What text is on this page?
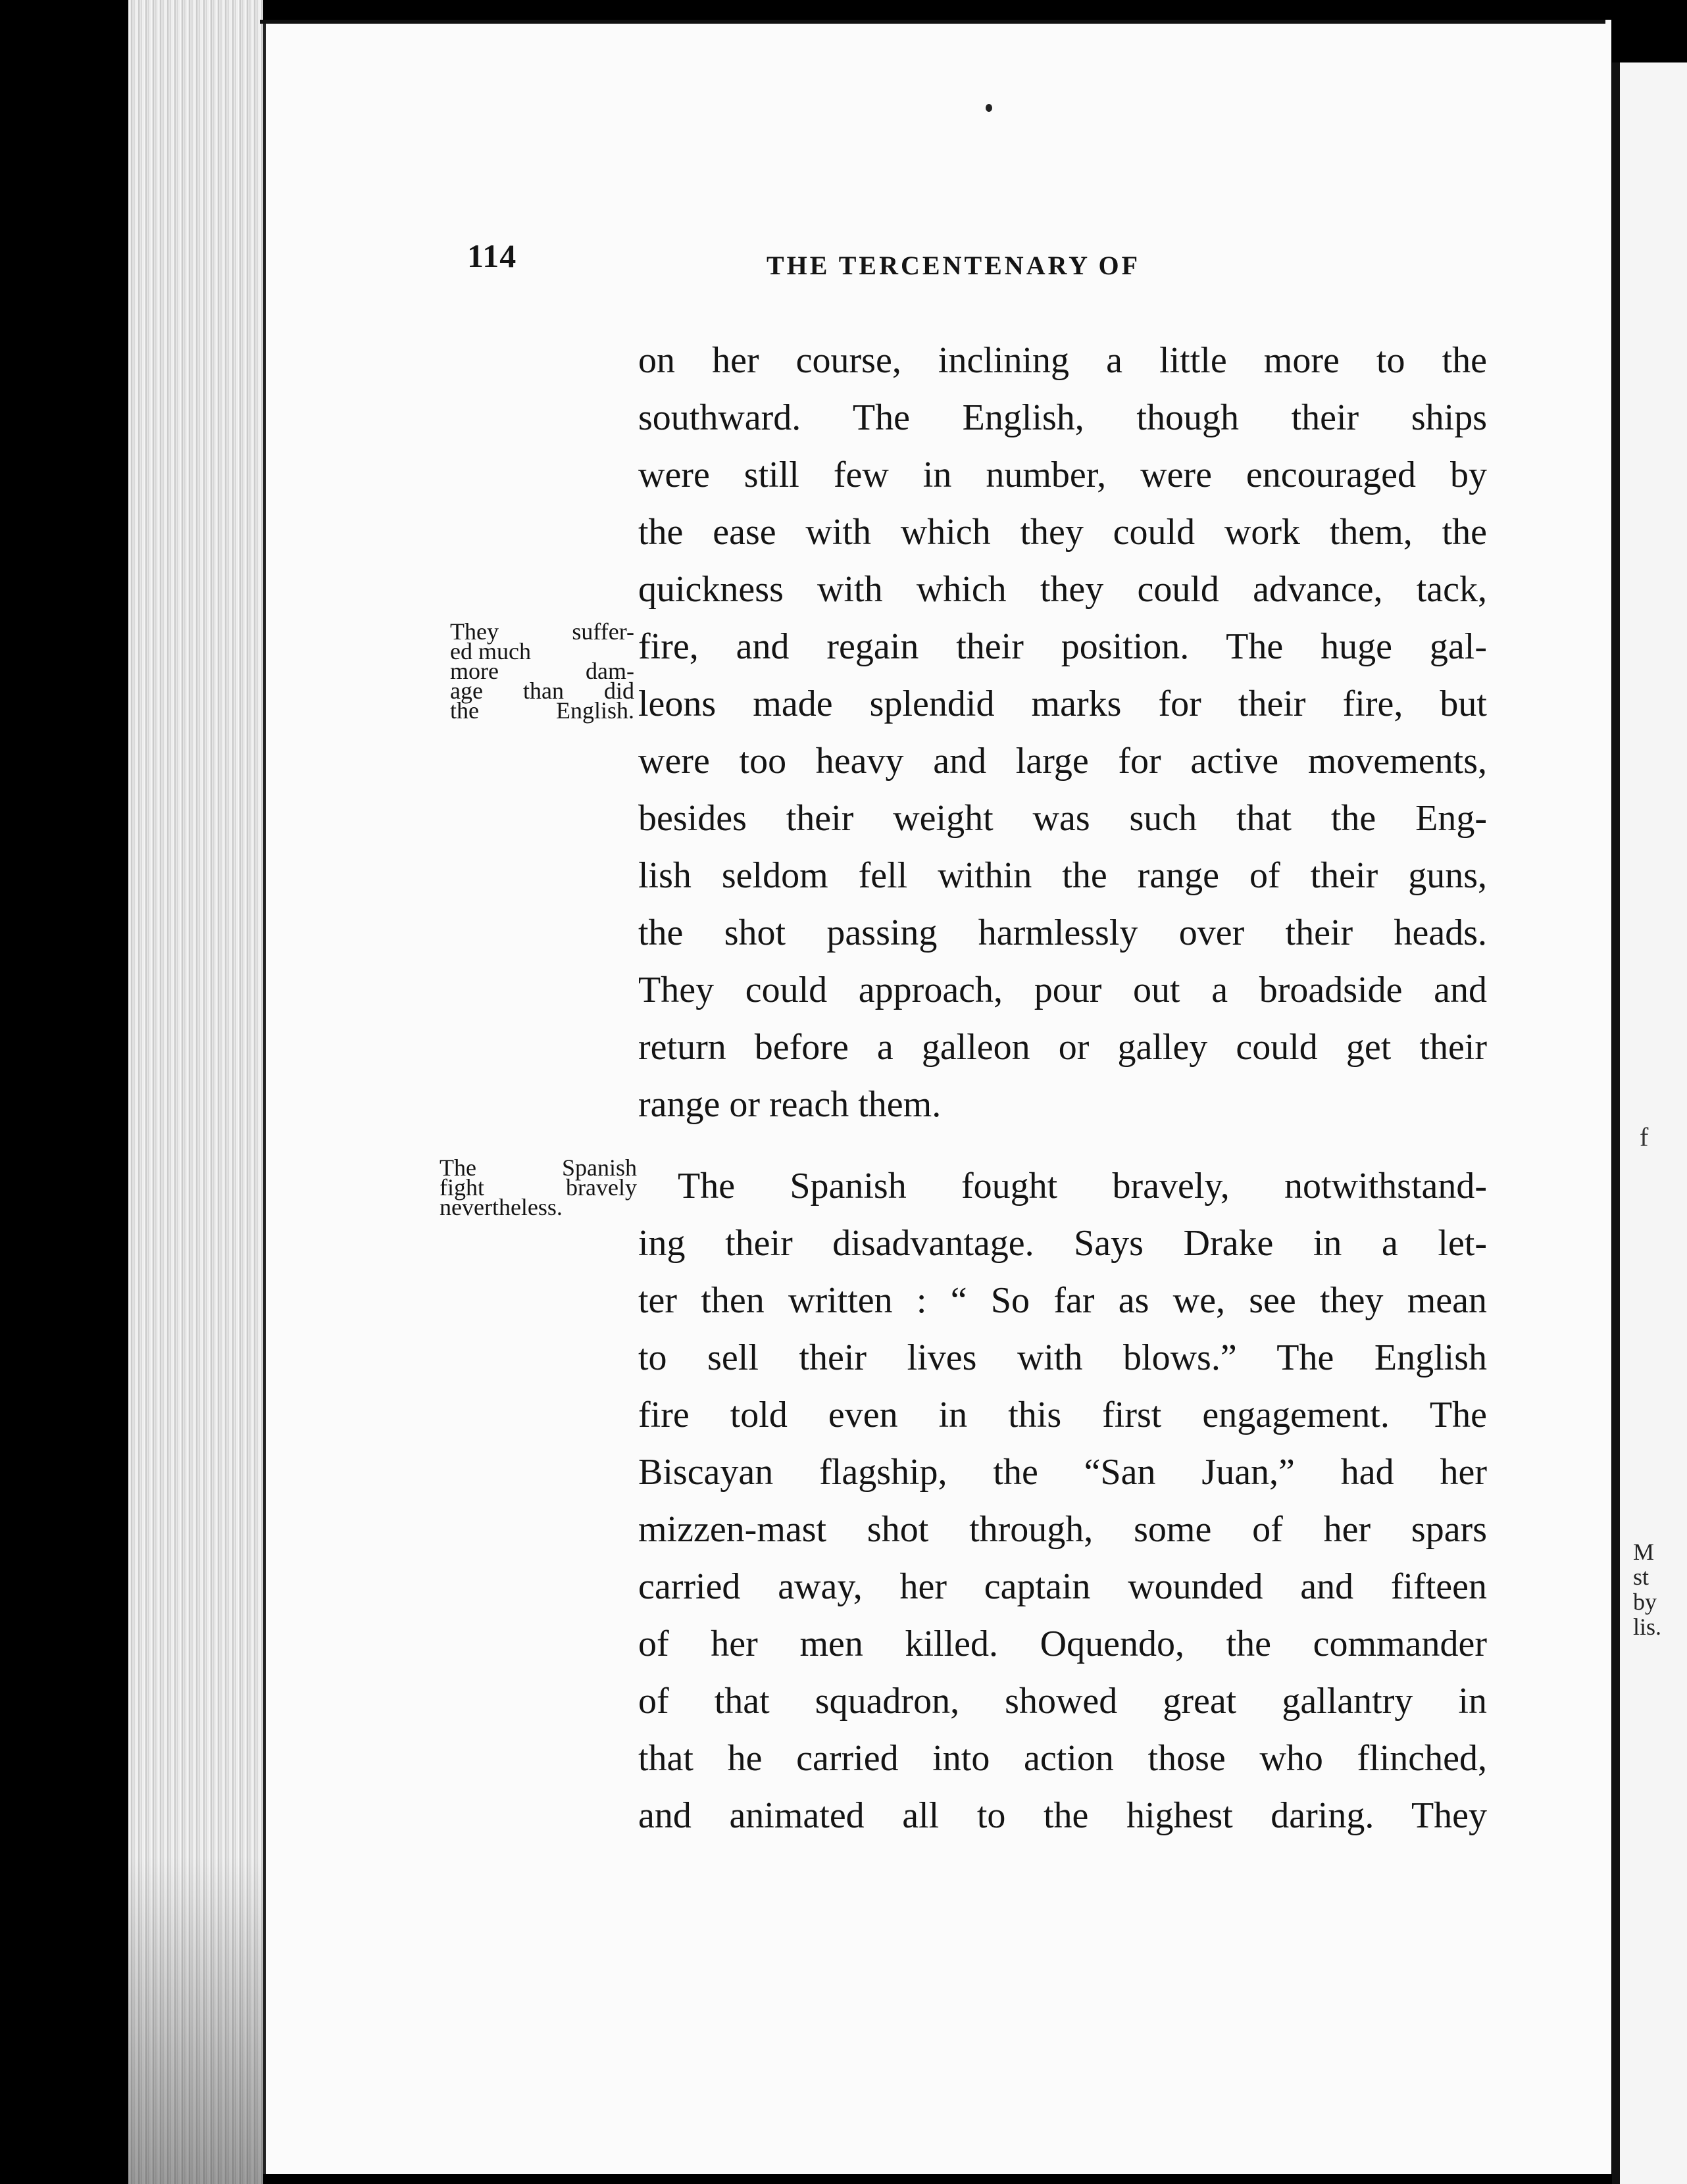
f
M
st
by
lis.
114	THE TERCENTENARY OF
on her course, inclining a little more to the
southward. The English, though their ships
were still few in number, were encouraged by
the ease with which they could work them, the
quickness with which they could advance, tack,
fire, and regain their position. The huge gal-
leons made splendid marks for their fire, but
were too heavy and large for active movements,
besides their weight was such that the Eng-
lish seldom fell within the range of their guns,
the shot passing harmlessly over their heads.
They could approach, pour out a broadside and
return before a galleon or galley could get their
range or reach them.
They suffer-
ed much
more dam-
age than did
the English.
The Spanish fought bravely, notwithstand-
ing their disadvantage. Says Drake in a let-
ter then written : “ So far as we, see they mean
to sell their lives with blows.” The English
fire told even in this first engagement. The
Biscayan flagship, the “San Juan,” had her
mizzen-mast shot through, some of her spars
carried away, her captain wounded and fifteen
of her men killed. Oquendo, the commander
of that squadron, showed great gallantry in
that he carried into action those who flinched,
and animated all to the highest daring. They
The Spanish
fight bravely
nevertheless.
